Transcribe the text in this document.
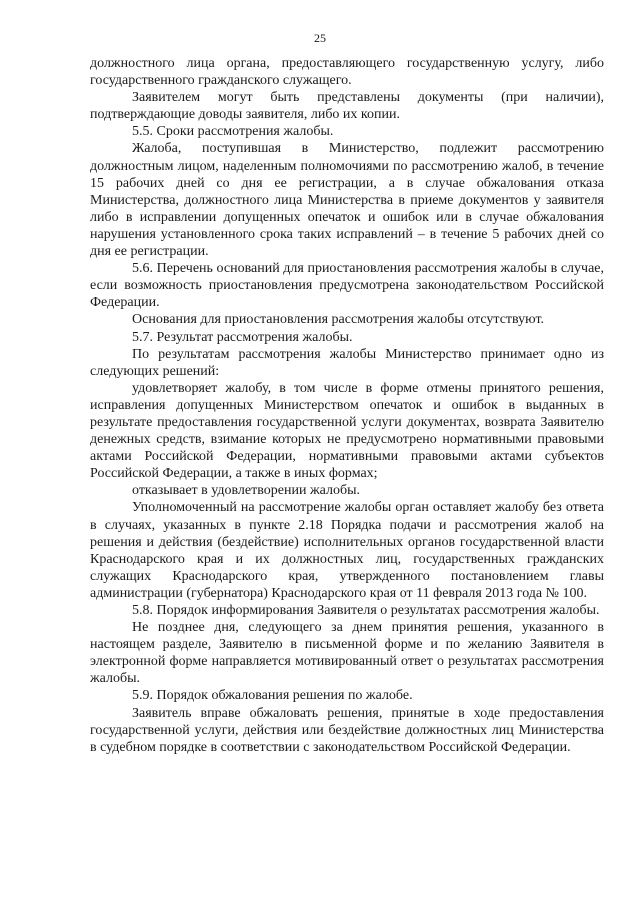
25

должностного лица органа, предоставляющего государственную услугу, либо государственного гражданского служащего.

Заявителем могут быть представлены документы (при наличии), подтверждающие доводы заявителя, либо их копии.

5.5. Сроки рассмотрения жалобы.

Жалоба, поступившая в Министерство, подлежит рассмотрению должностным лицом, наделенным полномочиями по рассмотрению жалоб, в течение 15 рабочих дней со дня ее регистрации, а в случае обжалования отказа Министерства, должностного лица Министерства в приеме документов у заявителя либо в исправлении допущенных опечаток и ошибок или в случае обжалования нарушения установленного срока таких исправлений – в течение 5 рабочих дней со дня ее регистрации.

5.6. Перечень оснований для приостановления рассмотрения жалобы в случае, если возможность приостановления предусмотрена законодательством Российской Федерации.

Основания для приостановления рассмотрения жалобы отсутствуют.

5.7. Результат рассмотрения жалобы.

По результатам рассмотрения жалобы Министерство принимает одно из следующих решений:

удовлетворяет жалобу, в том числе в форме отмены принятого решения, исправления допущенных Министерством опечаток и ошибок в выданных в результате предоставления государственной услуги документах, возврата Заявителю денежных средств, взимание которых не предусмотрено нормативными правовыми актами Российской Федерации, нормативными правовыми актами субъектов Российской Федерации, а также в иных формах;

отказывает в удовлетворении жалобы.

Уполномоченный на рассмотрение жалобы орган оставляет жалобу без ответа в случаях, указанных в пункте 2.18 Порядка подачи и рассмотрения жалоб на решения и действия (бездействие) исполнительных органов государственной власти Краснодарского края и их должностных лиц, государственных гражданских служащих Краснодарского края, утвержденного постановлением главы администрации (губернатора) Краснодарского края от 11 февраля 2013 года № 100.

5.8. Порядок информирования Заявителя о результатах рассмотрения жалобы.

Не позднее дня, следующего за днем принятия решения, указанного в настоящем разделе, Заявителю в письменной форме и по желанию Заявителя в электронной форме направляется мотивированный ответ о результатах рассмотрения жалобы.

5.9. Порядок обжалования решения по жалобе.

Заявитель вправе обжаловать решения, принятые в ходе предоставления государственной услуги, действия или бездействие должностных лиц Министерства в судебном порядке в соответствии с законодательством Российской Федерации.
